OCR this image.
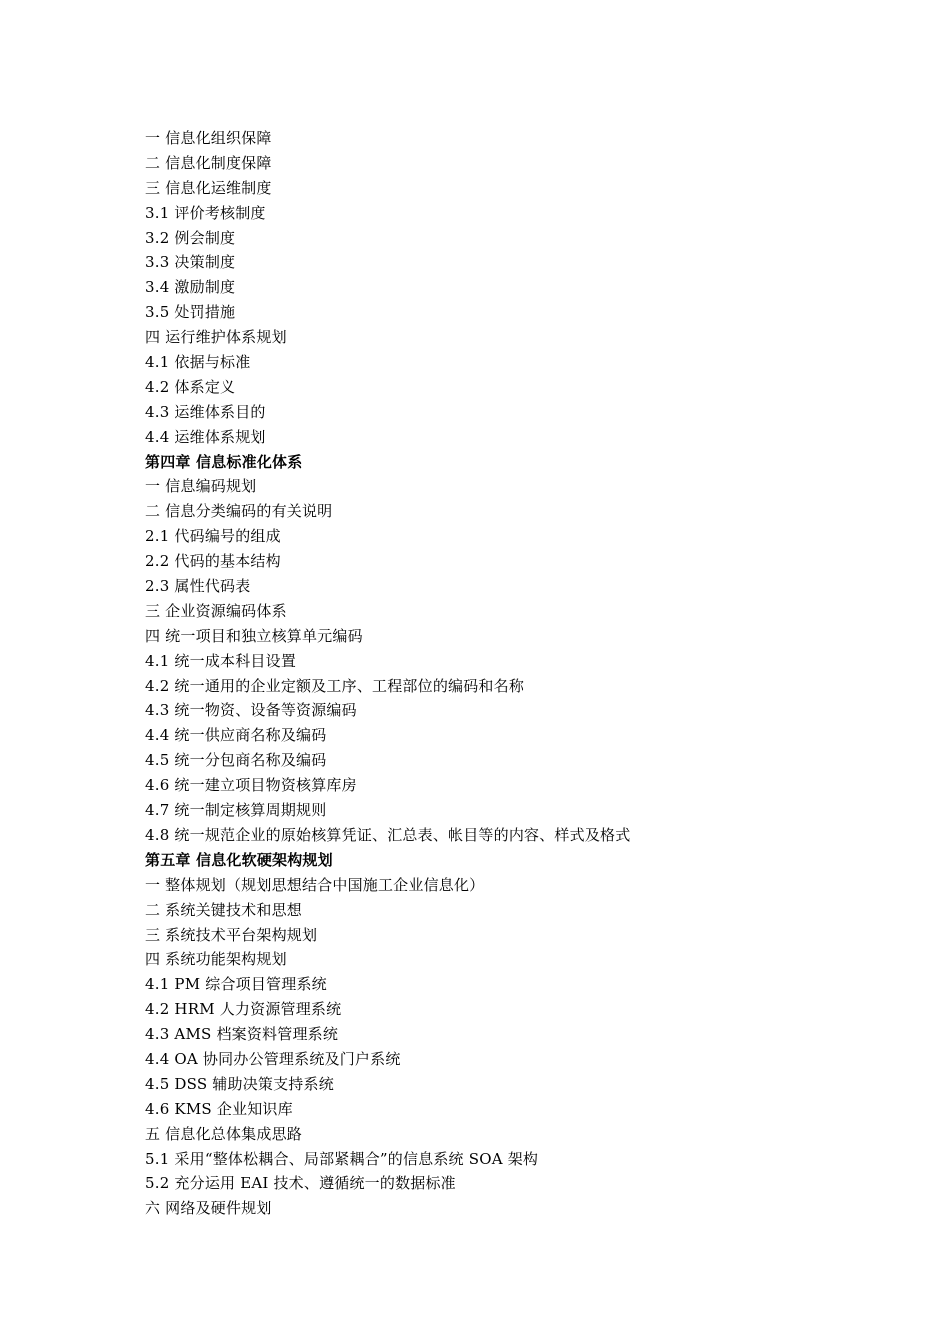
一 信息化组织保障
二 信息化制度保障
三 信息化运维制度
3.1 评价考核制度
3.2 例会制度
3.3 决策制度
3.4 激励制度
3.5 处罚措施
四 运行维护体系规划
4.1 依据与标准
4.2 体系定义
4.3 运维体系目的
4.4 运维体系规划
第四章 信息标准化体系
一 信息编码规划
二 信息分类编码的有关说明
2.1 代码编号的组成
2.2 代码的基本结构
2.3 属性代码表
三 企业资源编码体系
四 统一项目和独立核算单元编码
4.1 统一成本科目设置
4.2 统一通用的企业定额及工序、工程部位的编码和名称
4.3 统一物资、设备等资源编码
4.4 统一供应商名称及编码
4.5 统一分包商名称及编码
4.6 统一建立项目物资核算库房
4.7 统一制定核算周期规则
4.8 统一规范企业的原始核算凭证、汇总表、帐目等的内容、样式及格式
第五章 信息化软硬架构规划
一 整体规划（规划思想结合中国施工企业信息化）
二 系统关键技术和思想
三 系统技术平台架构规划
四 系统功能架构规划
4.1 PM 综合项目管理系统
4.2 HRM 人力资源管理系统
4.3 AMS 档案资料管理系统
4.4 OA 协同办公管理系统及门户系统
4.5 DSS 辅助决策支持系统
4.6 KMS 企业知识库
五 信息化总体集成思路
5.1 采用“整体松耦合、局部紧耦合”的信息系统 SOA 架构
5.2 充分运用 EAI 技术、遵循统一的数据标准
六 网络及硬件规划
